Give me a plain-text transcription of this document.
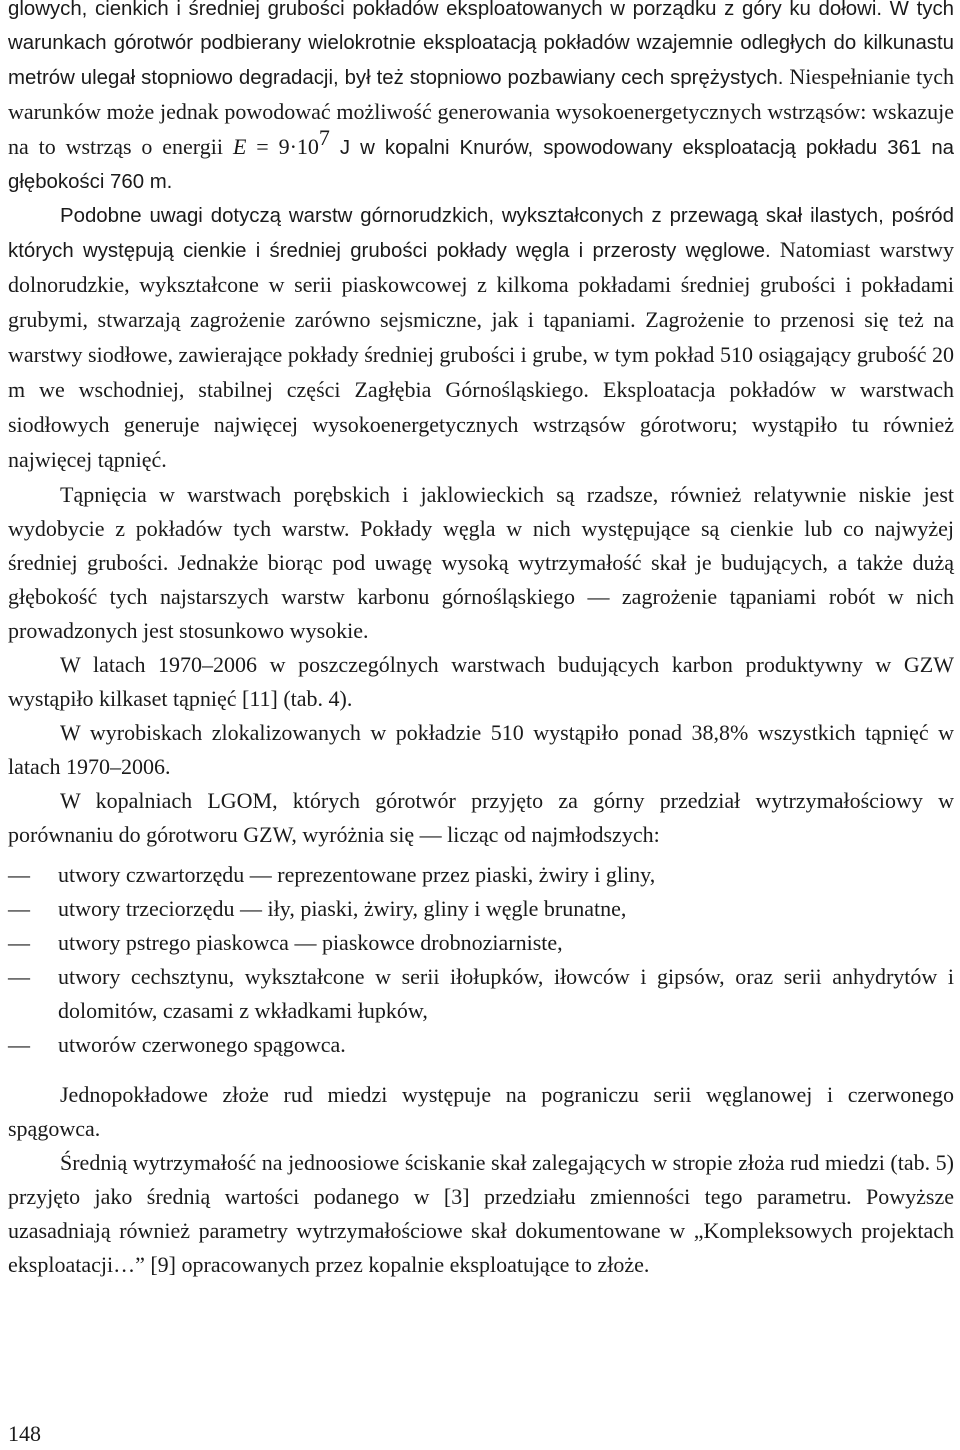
glowych, cienkich i średniej grubości pokładów eksploatowanych w porządku z góry ku dołowi. W tych warunkach górotwór podbierany wielokrotnie eksploatacją pokładów wzajemnie odległych do kilkunastu metrów ulegał stopniowo degradacji, był też stopniowo pozbawiany cech sprężystych. Niespełnianie tych warunków może jednak powodować możliwość generowania wysokoenergetycznych wstrząsów: wskazuje na to wstrząs o energii $E = 9\cdot 10^7$ J w kopalni Knurów, spowodowany eksploatacją pokładu 361 na głębokości 760 m.

Podobne uwagi dotyczą warstw górnorudzkich, wykształconych z przewagą skał ilastych, pośród których występują cienkie i średniej grubości pokłady węgla i przerosty węglowe. Natomiast warstwy dolnorudzkie, wykształcone w serii piaskowcowej z kilkoma pokładami średniej grubości i pokładami grubymi, stwarzają zagrożenie zarówno sejsmiczne, jak i tąpaniami. Zagrożenie to przenosi się też na warstwy siodłowe, zawierające pokłady średniej grubości i grube, w tym pokład 510 osiągający grubość 20 m we wschodniej, stabilnej części Zagłębia Górnośląskiego. Eksploatacja pokładów w warstwach siodłowych generuje najwięcej wysokoenergetycznych wstrząsów górotworu; wystąpiło tu również najwięcej tąpnięć.

Tąpnięcia w warstwach porębskich i jaklowieckich są rzadsze, również relatywnie niskie jest wydobycie z pokładów tych warstw. Pokłady węgla w nich występujące są cienkie lub co najwyżej średniej grubości. Jednakże biorąc pod uwagę wysoką wytrzymałość skał je budujących, a także dużą głębokość tych najstarszych warstw karbonu górnośląskiego — zagrożenie tąpaniami robót w nich prowadzonych jest stosunkowo wysokie.

W latach 1970–2006 w poszczególnych warstwach budujących karbon produktywny w GZW wystąpiło kilkaset tąpnięć [11] (tab. 4).

W wyrobiskach zlokalizowanych w pokładzie 510 wystąpiło ponad 38,8% wszystkich tąpnięć w latach 1970–2006.

W kopalniach LGOM, których górotwór przyjęto za górny przedział wytrzymałościowy w porównaniu do górotworu GZW, wyróżnia się — licząc od najmłodszych:

— utwory czwartorzędu — reprezentowane przez piaski, żwiry i gliny,
— utwory trzeciorzędu — iły, piaski, żwiry, gliny i węgle brunatne,
— utwory pstrego piaskowca — piaskowce drobnoziarniste,
— utwory cechsztynu, wykształcone w serii iłołupków, iłowców i gipsów, oraz serii anhydrytów i dolomitów, czasami z wkładkami łupków,
— utworów czerwonego spągowca.

Jednopokładowe złoże rud miedzi występuje na pograniczu serii węglanowej i czerwonego spągowca.

Średnią wytrzymałość na jednoosiowe ściskanie skał zalegających w stropie złoża rud miedzi (tab. 5) przyjęto jako średnią wartości podanego w [3] przedziału zmienności tego parametru. Powyższe uzasadniają również parametry wytrzymałościowe skał dokumentowane w „Kompleksowych projektach eksploatacji…” [9] opracowanych przez kopalnie eksploatujące to złoże.

148
